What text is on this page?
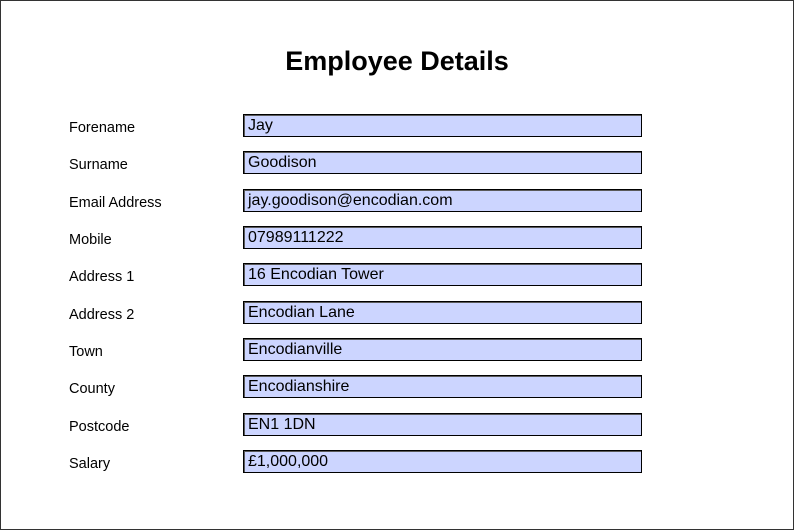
Employee Details
Forename	Jay
Surname	Goodison
Email Address	jay.goodison@encodian.com
Mobile	07989111222
Address 1	16 Encodian Tower
Address 2	Encodian Lane
Town	Encodianville
County	Encodianshire
Postcode	EN1 1DN
Salary	£1,000,000
